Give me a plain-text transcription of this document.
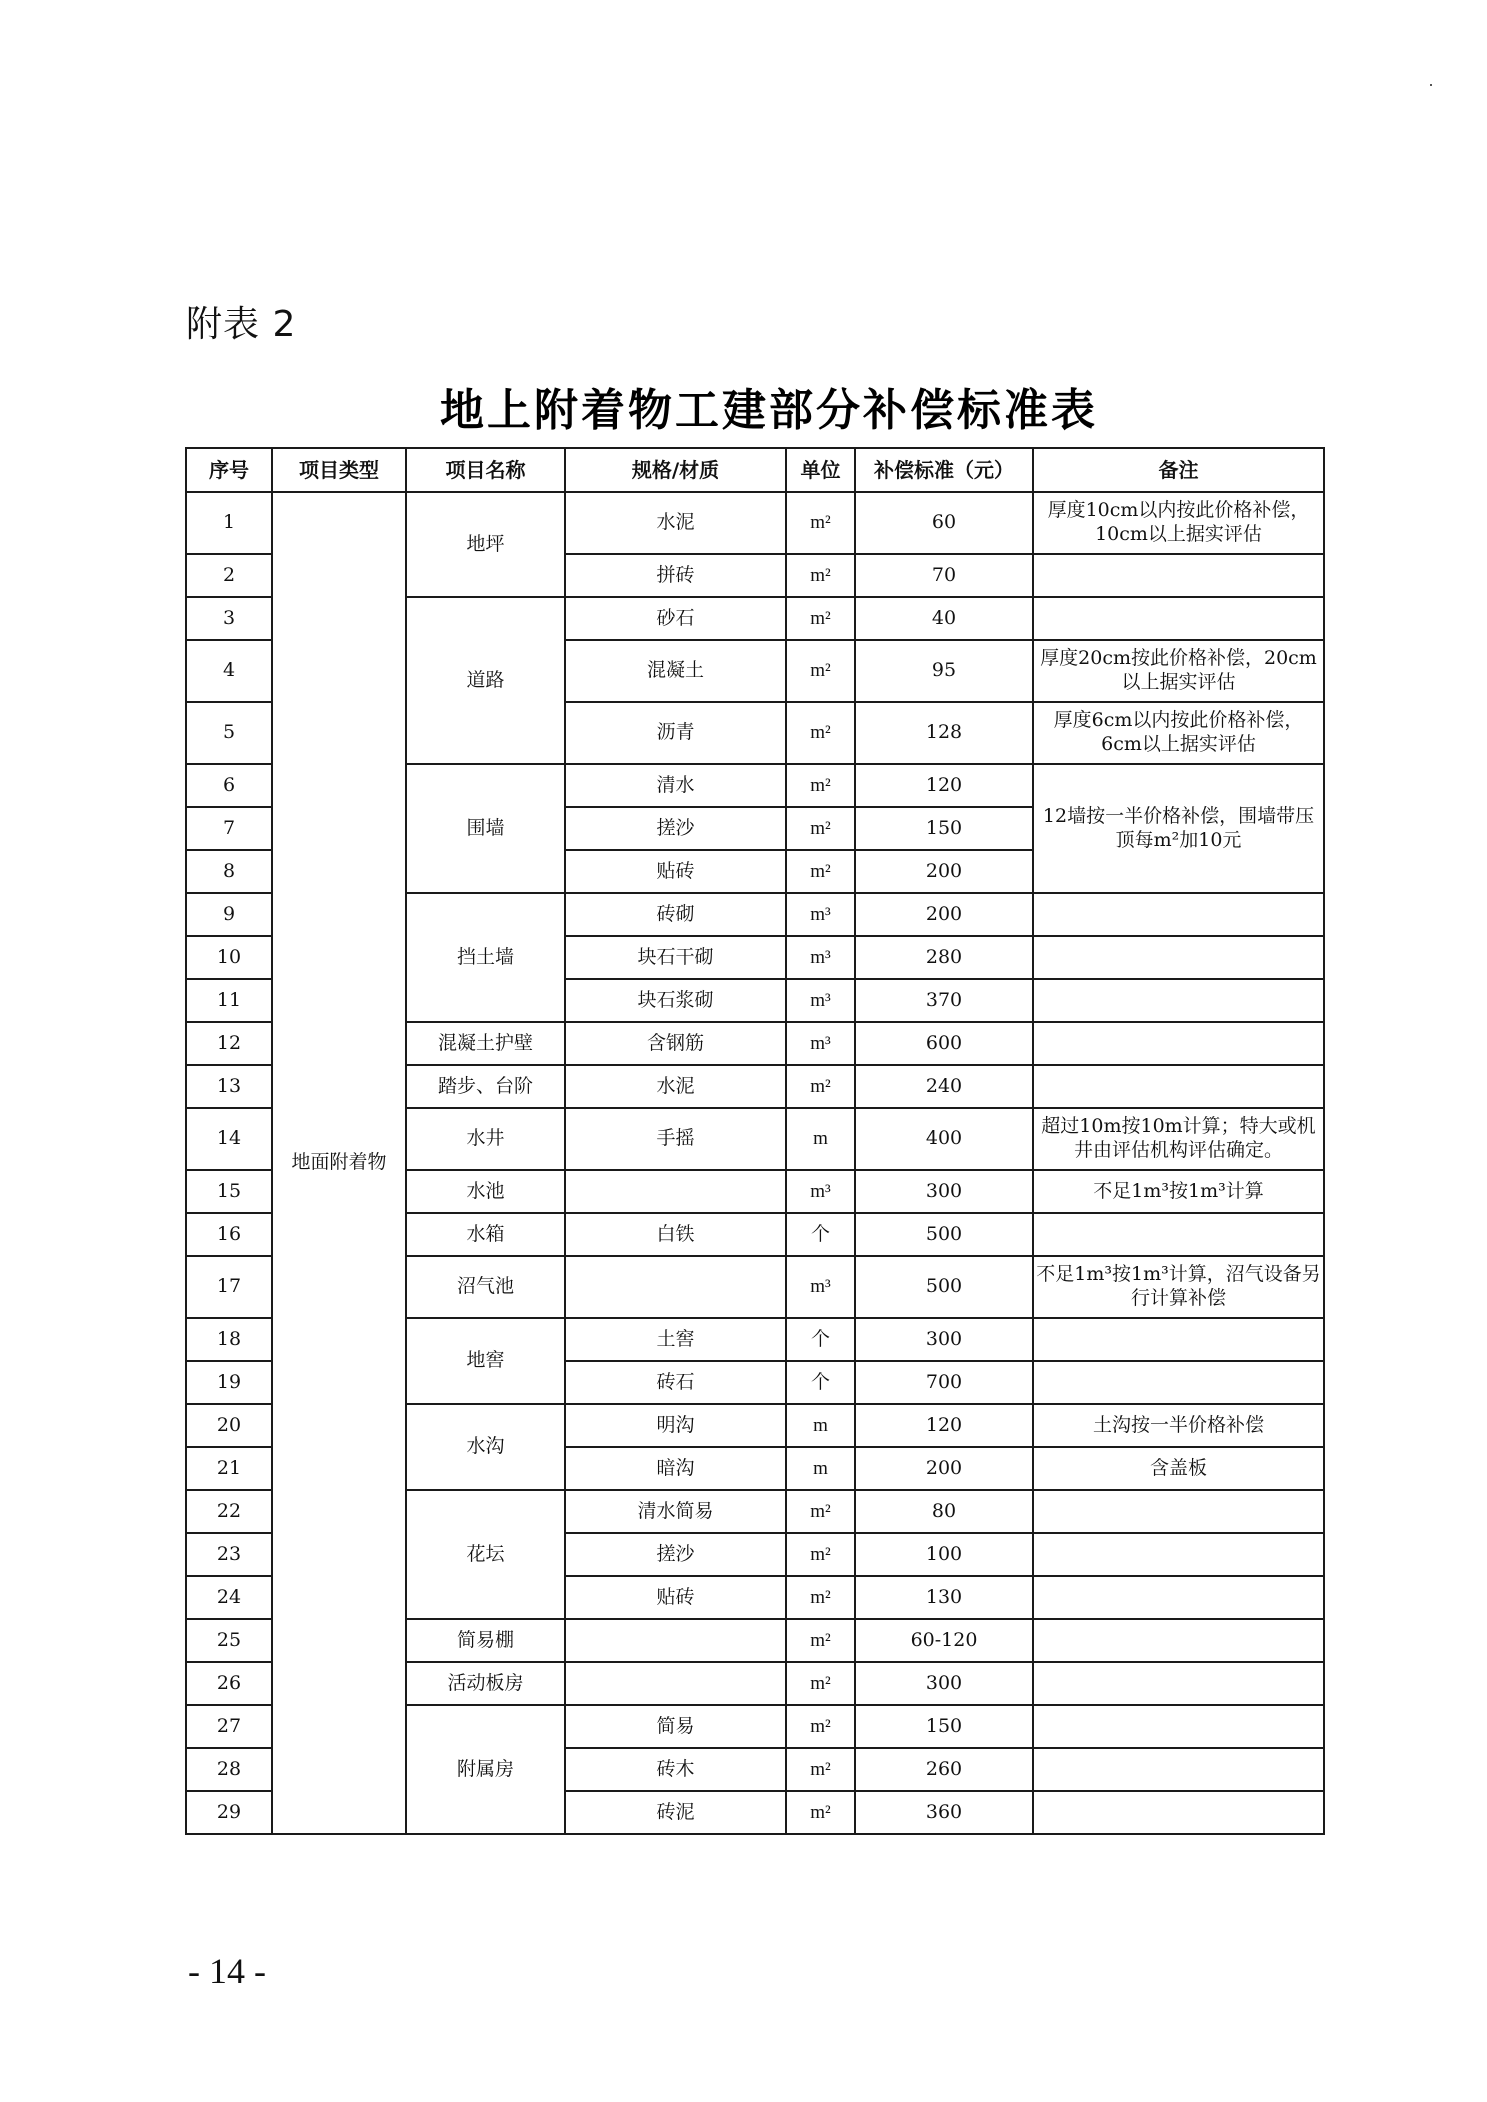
附表 2
地上附着物工建部分补偿标准表
序号	项目类型	项目名称	规格/材质	单位	补偿标准（元）	备注
1	地面附着物	地坪	水泥	m²	60	厚度10cm以内按此价格补偿，10cm以上据实评估
2			拼砖	m²	70	
3		道路	砂石	m²	40	
4			混凝土	m²	95	厚度20cm按此价格补偿，20cm以上据实评估
5			沥青	m²	128	厚度6cm以内按此价格补偿，6cm以上据实评估
6		围墙	清水	m²	120	12墙按一半价格补偿，围墙带压顶每m²加10元
7			搓沙	m²	150	
8			贴砖	m²	200	
9		挡土墙	砖砌	m³	200	
10			块石干砌	m³	280	
11			块石浆砌	m³	370	
12		混凝土护壁	含钢筋	m³	600	
13		踏步、台阶	水泥	m²	240	
14		水井	手摇	m	400	超过10m按10m计算；特大或机井由评估机构评估确定。
15		水池		m³	300	不足1m³按1m³计算
16		水箱	白铁	个	500	
17		沼气池		m³	500	不足1m³按1m³计算，沼气设备另行计算补偿
18		地窖	土窖	个	300	
19			砖石	个	700	
20		水沟	明沟	m	120	土沟按一半价格补偿
21			暗沟	m	200	含盖板
22		花坛	清水简易	m²	80	
23			搓沙	m²	100	
24			贴砖	m²	130	
25		简易棚		m²	60-120	
26		活动板房		m²	300	
27		附属房	简易	m²	150	
28			砖木	m²	260	
29			砖泥	m²	360	
- 14 -
